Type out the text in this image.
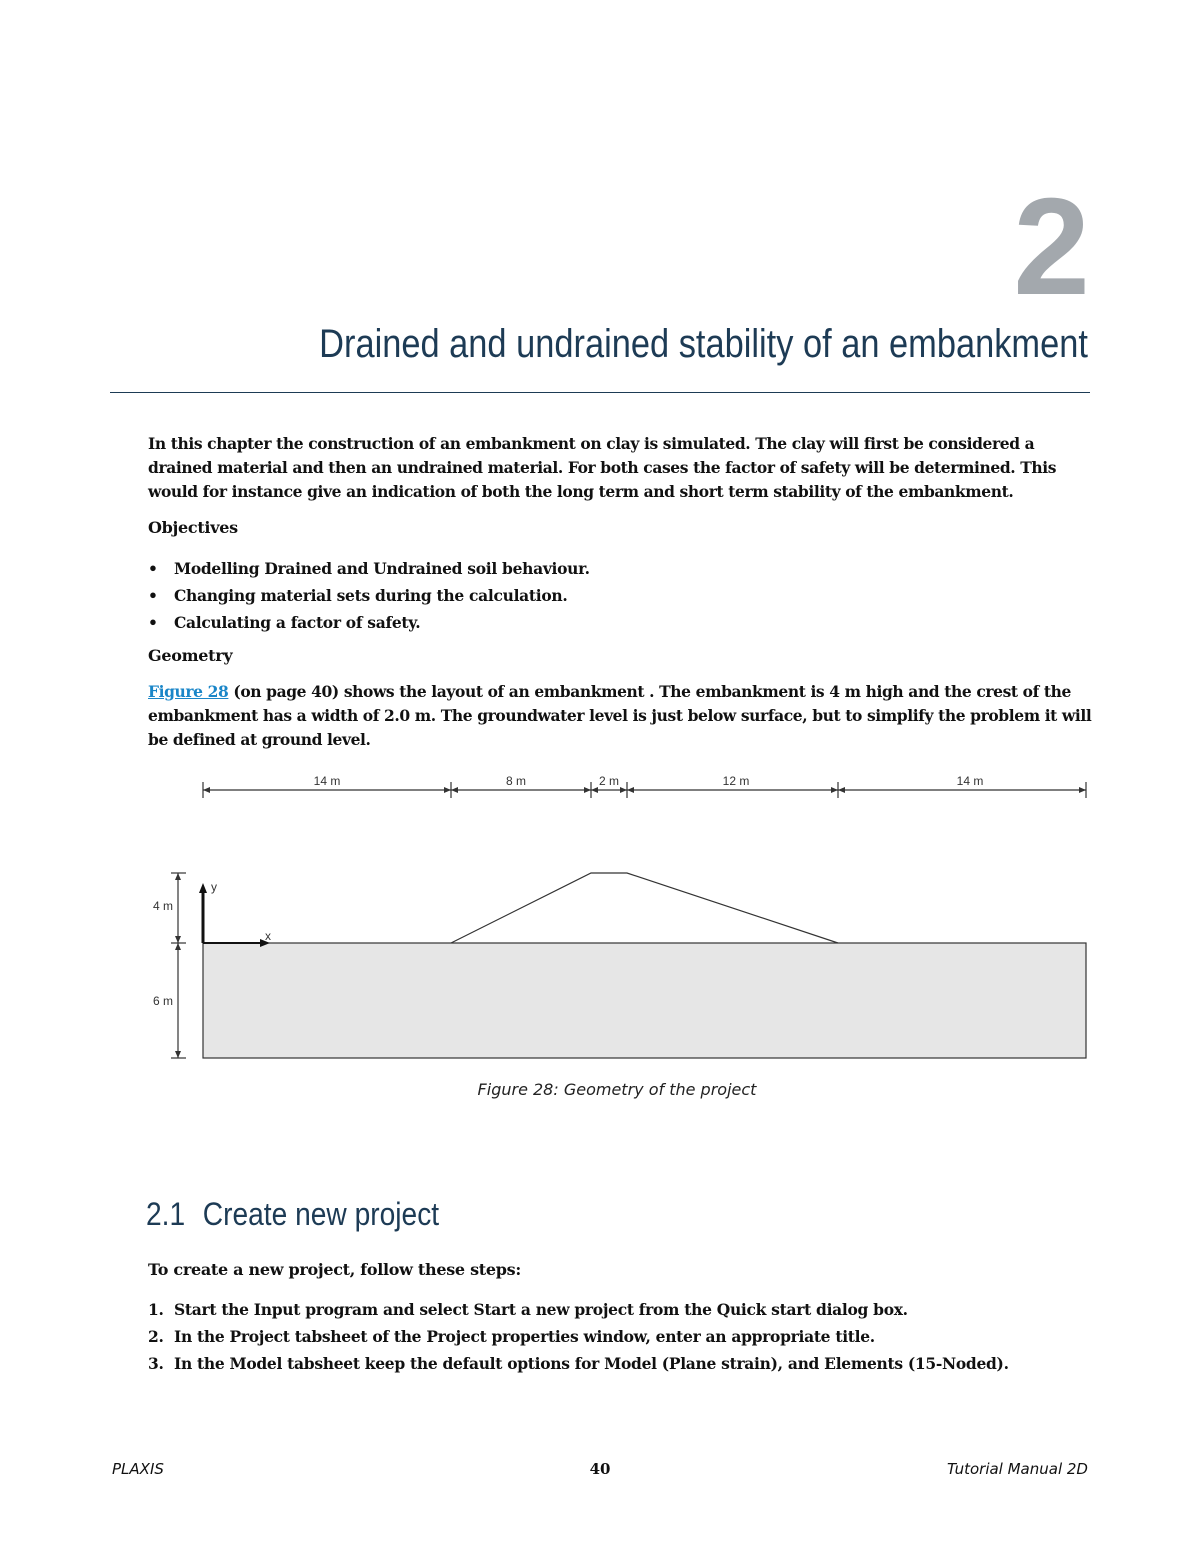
2
Drained and undrained stability of an embankment

In this chapter the construction of an embankment on clay is simulated. The clay will first be considered a drained material and then an undrained material. For both cases the factor of safety will be determined. This would for instance give an indication of both the long term and short term stability of the embankment.

Objectives
• Modelling Drained and Undrained soil behaviour.
• Changing material sets during the calculation.
• Calculating a factor of safety.
Geometry

Figure 28 (on page 40) shows the layout of an embankment . The embankment is 4 m high and the crest of the embankment has a width of 2.0 m. The groundwater level is just below surface, but to simplify the problem it will be defined at ground level.

14 m	8 m	2 m	12 m	14 m
4 m
6 m
y
x
Figure 28: Geometry of the project
2.1 Create new project
To create a new project, follow these steps:
1. Start the Input program and select Start a new project from the Quick start dialog box.
2. In the Project tabsheet of the Project properties window, enter an appropriate title.
3. In the Model tabsheet keep the default options for Model (Plane strain), and Elements (15-Noded).
PLAXIS	40	Tutorial Manual 2D
